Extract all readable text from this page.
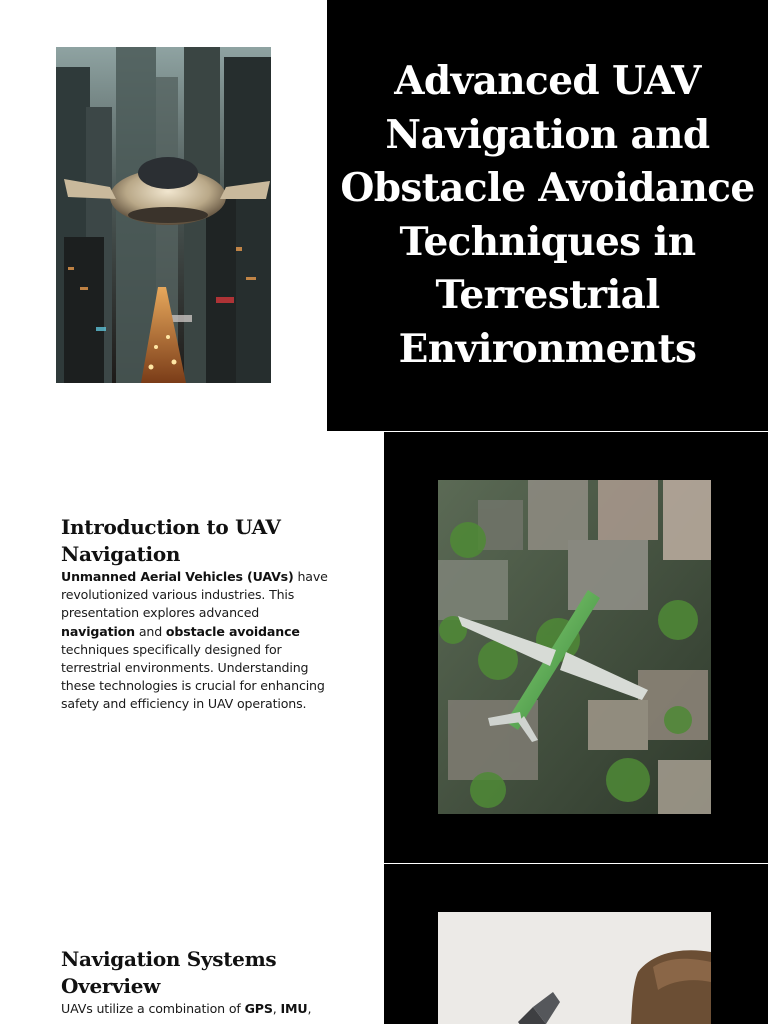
Advanced UAV Navigation and Obstacle Avoidance Techniques in Terrestrial Environments
Introduction to UAV Navigation

Unmanned Aerial Vehicles (UAVs) have revolutionized various industries. This presentation explores advanced navigation and obstacle avoidance techniques specifically designed for terrestrial environments. Understanding these technologies is crucial for enhancing safety and efficiency in UAV operations.

Navigation Systems Overview

UAVs utilize a combination of GPS, IMU,
